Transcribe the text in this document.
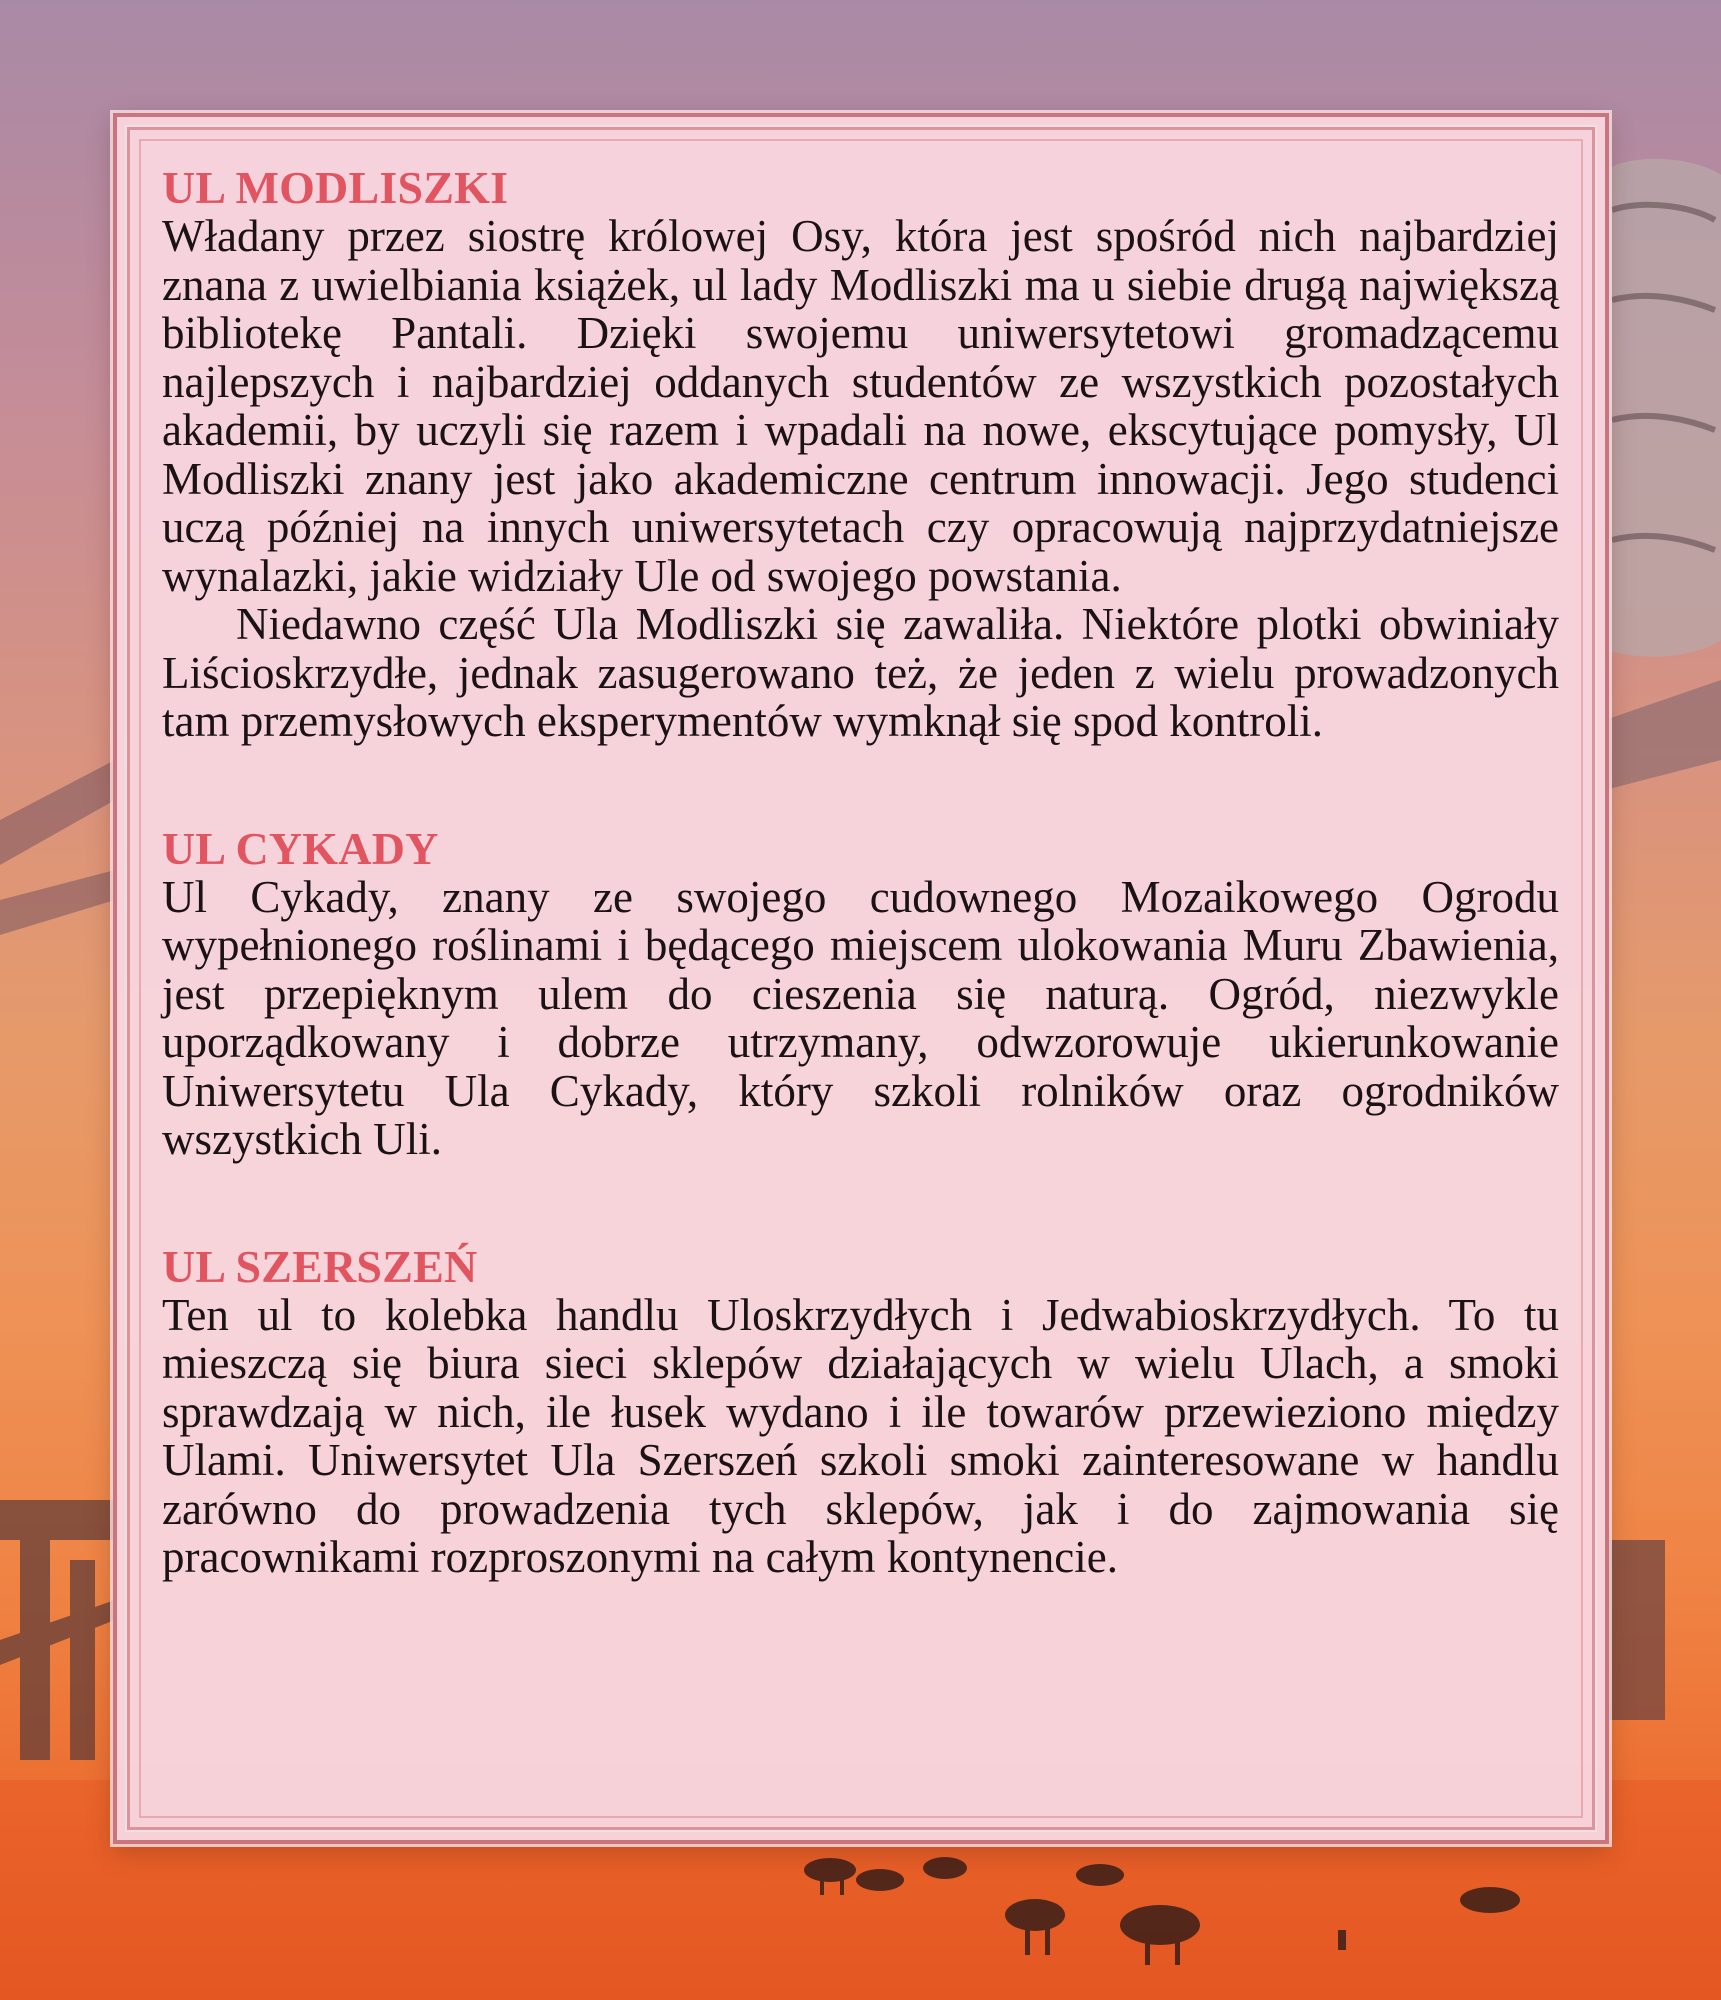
UL MODLISZKI

Władany przez siostrę królowej Osy, która jest spośród nich najbardziej znana z uwielbiania książek, ul lady Modliszki ma u siebie drugą największą bibliotekę Pantali. Dzięki swojemu uniwersytetowi gromadzącemu najlepszych i najbardziej oddanych studentów ze wszystkich pozostałych akademii, by uczyli się razem i wpadali na nowe, ekscytujące pomysły, Ul Modliszki znany jest jako akademiczne centrum innowacji. Jego studenci uczą później na innych uniwersytetach czy opracowują najprzydatniejsze wynalazki, jakie widziały Ule od swojego powstania.

Niedawno część Ula Modliszki się zawaliła. Niektóre plotki obwiniały Liścioskrzydłe, jednak zasugerowano też, że jeden z wielu prowadzonych tam przemysłowych eksperymentów wymknął się spod kontroli.

UL CYKADY

Ul Cykady, znany ze swojego cudownego Mozaikowego Ogrodu wypełnionego roślinami i będącego miejscem ulokowania Muru Zbawienia, jest przepięknym ulem do cieszenia się naturą. Ogród, niezwykle uporządkowany i dobrze utrzymany, odwzorowuje ukierunkowanie Uniwersytetu Ula Cykady, który szkoli rolników oraz ogrodników wszystkich Uli.

UL SZERSZEŃ

Ten ul to kolebka handlu Uloskrzydłych i Jedwabioskrzydłych. To tu mieszczą się biura sieci sklepów działających w wielu Ulach, a smoki sprawdzają w nich, ile łusek wydano i ile towarów przewieziono między Ulami. Uniwersytet Ula Szerszeń szkoli smoki zainteresowane w handlu zarówno do prowadzenia tych sklepów, jak i do zajmowania się pracownikami rozproszonymi na całym kontynencie.
